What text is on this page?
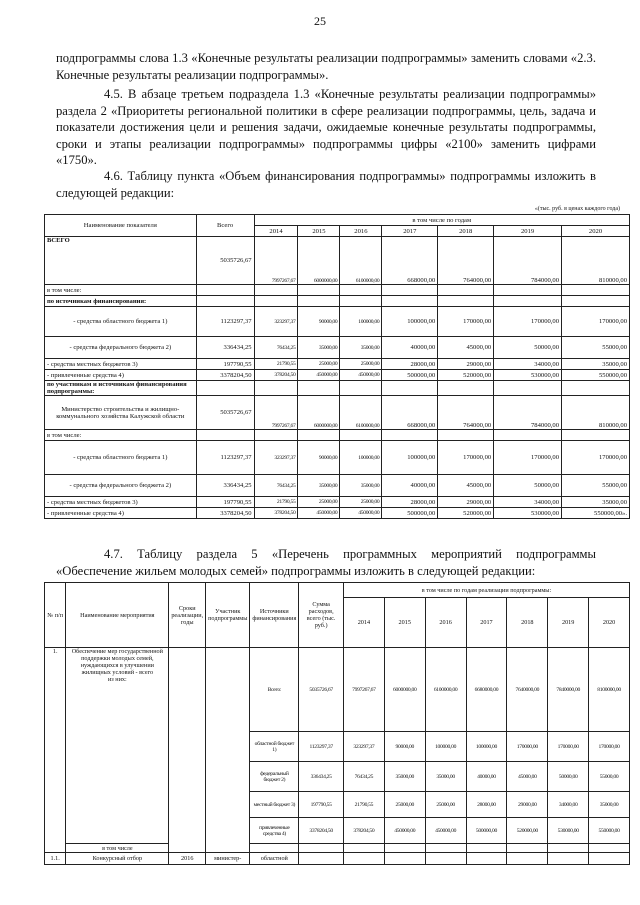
25

подпрограммы слова 1.3 «Конечные результаты реализации подпрограммы» заменить словами «2.3. Конечные результаты реализации подпрограммы».

4.5. В абзаце третьем подраздела 1.3 «Конечные результаты реализации подпрограммы» раздела 2 «Приоритеты региональной политики в сфере реализации подпрограммы, цель, задача и показатели достижения цели и решения задачи, ожидаемые конечные результаты подпрограммы, сроки и этапы реализации подпрограммы» подпрограммы цифры «2100» заменить цифрами «1750».

4.6. Таблицу пункта «Объем финансирования подпрограммы» подпрограммы изложить в следующей редакции:

«(тыс. руб. в ценах каждого года)
Наименование показателя	Всего	в том числе по годам						
		2014	2015	2016	2017	2018	2019	2020
ВСЕГО	5035726,67	7997267,67	6000000,00	6100000,00	668000,00	764000,00	784000,00	810000,00
в том числе:								
по источникам финансирования:								
- средства областного бюджета 1)	1123297,37	323297,37	90000,00	100000,00	100000,00	170000,00	170000,00	170000,00
- средства федерального бюджета 2)	336434,25	76434,25	35000,00	35000,00	40000,00	45000,00	50000,00	55000,00
- средства местных бюджетов 3)	197790,55	21790,55	25000,00	25000,00	28000,00	29000,00	34000,00	35000,00
- привлеченные средства 4)	3378204,50	378204,50	450000,00	450000,00	500000,00	520000,00	530000,00	550000,00
по участникам и источникам финансирования подпрограммы:								
Министерство строительства и жилищно-коммунального хозяйства Калужской области	5035726,67	7997267,67	6000000,00	6100000,00	668000,00	764000,00	784000,00	810000,00
в том числе:								
- средства областного бюджета 1)	1123297,37	323297,37	90000,00	100000,00	100000,00	170000,00	170000,00	170000,00
- средства федерального бюджета 2)	336434,25	76434,25	35000,00	35000,00	40000,00	45000,00	50000,00	55000,00
- средства местных бюджетов 3)	197790,55	21790,55	25000,00	25000,00	28000,00	29000,00	34000,00	35000,00
- привлеченные средства 4)	3378204,50	378204,50	450000,00	450000,00	500000,00	520000,00	530000,00	550000,00».

4.7. Таблицу раздела 5 «Перечень программных мероприятий подпрограммы «Обеспечение жильем молодых семей» подпрограммы изложить в следующей редакции:

№ п/п	Наименование мероприятия	Сроки реализации, годы	Участник подпрограммы	Источники финансирования	Сумма расходов, всего (тыс. руб.)	в том числе по годам реализации подпрограммы:						
						2014	2015	2016	2017	2018	2019	2020
1.	Обеспечение мер государственной поддержки молодых семей, нуждающихся в улучшении жилищных условий - всего
из них:			Всего:	5035726,67	7997267,67	6000000,00	6100000,00	6680000,00	7640000,00	7840000,00	8100000,00
				областной бюджет 1)	1123297,37	323297,37	90000,00	100000,00	100000,00	170000,00	170000,00	170000,00
				федеральный бюджет 2)	336434,25	76434,25	35000,00	35000,00	40000,00	45000,00	50000,00	55000,00
				местный бюджет 3)	197790,55	21790,55	25000,00	25000,00	28000,00	29000,00	34000,00	35000,00
				привлеченные средства 4)	3378204,50	378204,50	450000,00	450000,00	500000,00	520000,00	530000,00	550000,00
	в том числе											
1.1.	Конкурсный отбор	2016	министер-	областной								
